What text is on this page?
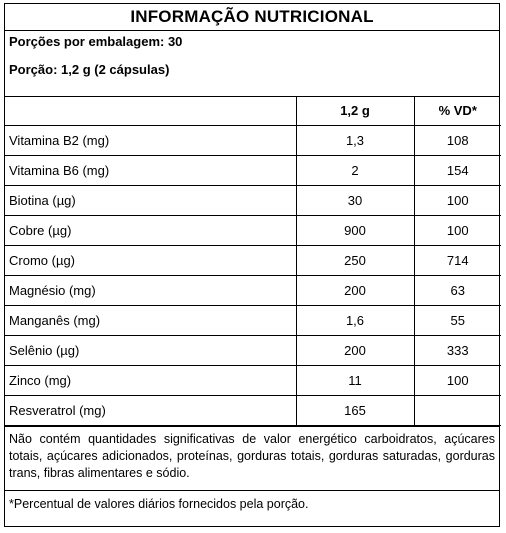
INFORMAÇÃO NUTRICIONAL
Porções por embalagem: 30
Porção: 1,2 g (2 cápsulas)
	1,2 g	% VD*
Vitamina B2 (mg)	1,3	108
Vitamina B6 (mg)	2	154
Biotina (µg)	30	100
Cobre (µg)	900	100
Cromo (µg)	250	714
Magnésio (mg)	200	63
Manganês (mg)	1,6	55
Selênio (µg)	200	333
Zinco (mg)	11	100
Resveratrol (mg)	165	
Não contém quantidades significativas de valor energético carboidratos, açúcares totais, açúcares adicionados, proteínas, gorduras totais, gorduras saturadas, gorduras trans, fibras alimentares e sódio.
*Percentual de valores diários fornecidos pela porção.
